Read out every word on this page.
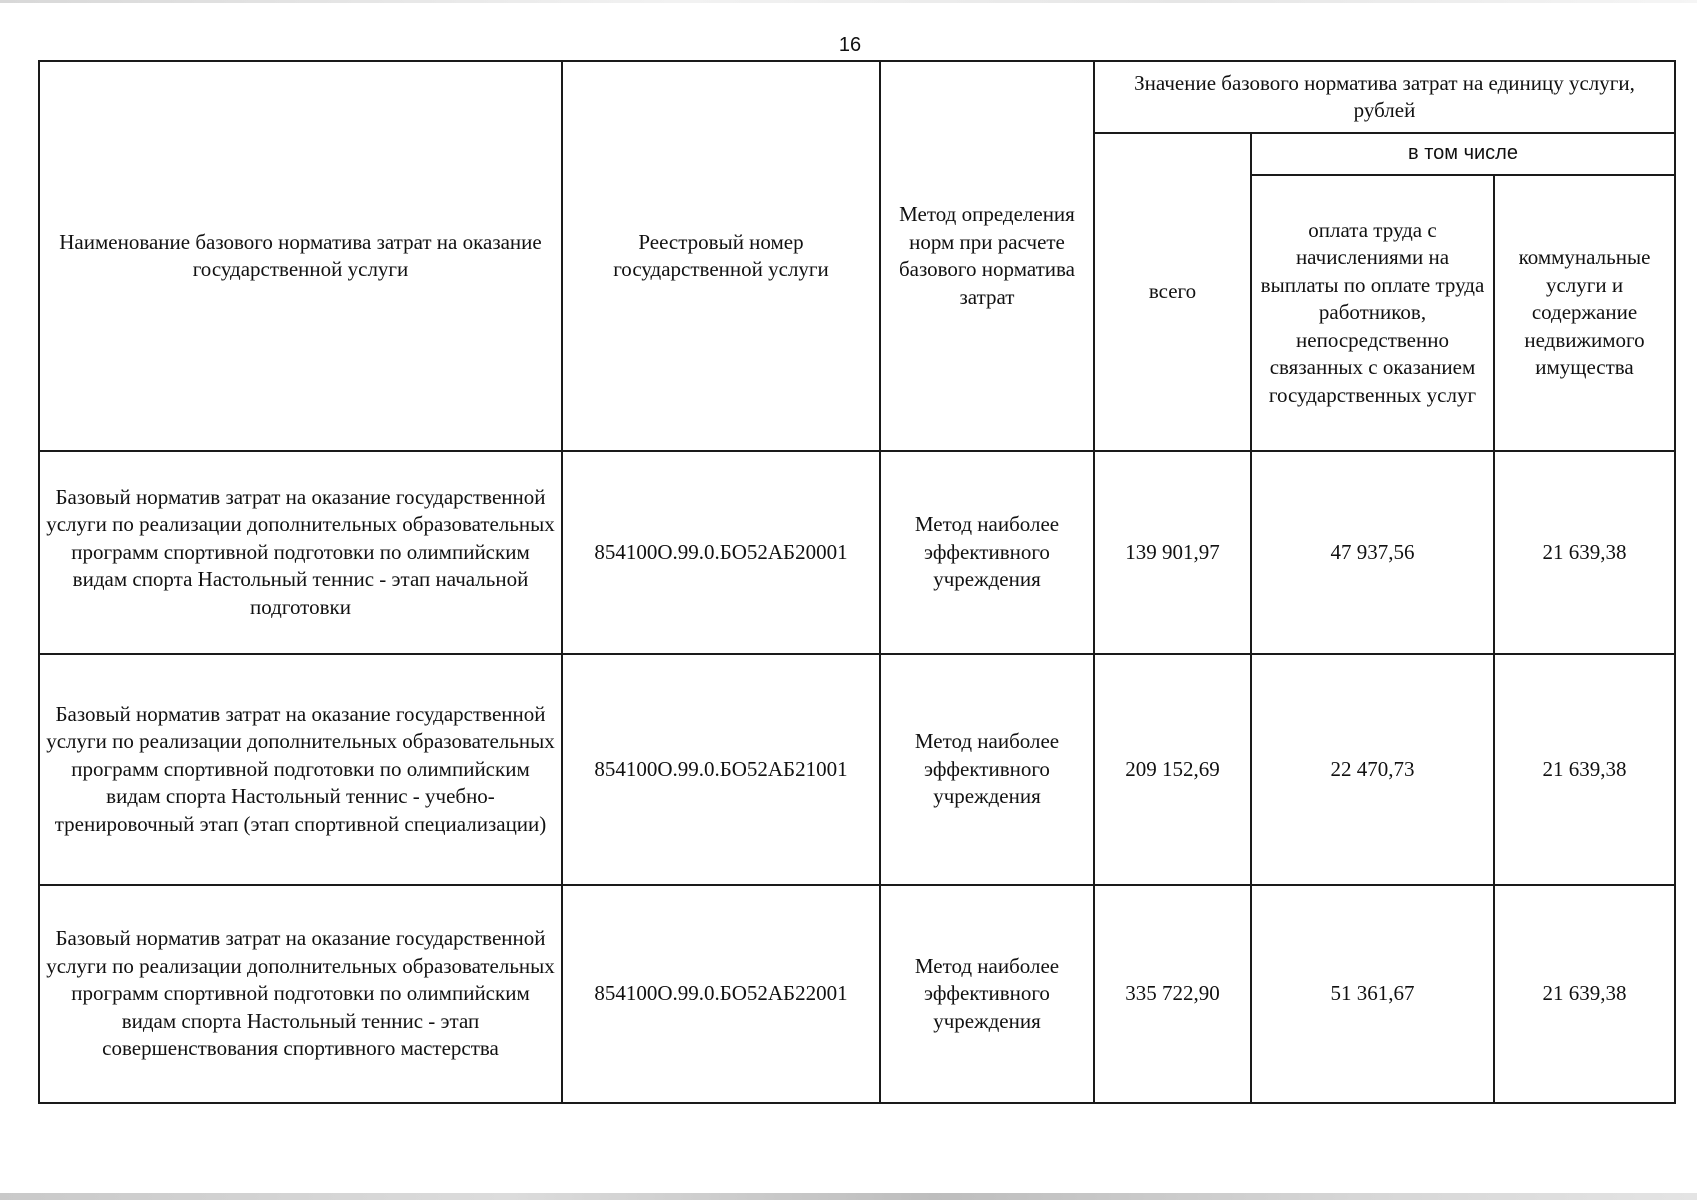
16
Наименование базового норматива затрат на оказание государственной услуги	Реестровый номер государственной услуги	Метод определения норм при расчете базового норматива затрат	Значение базового норматива затрат на единицу услуги, рублей		
			всего	в том числе	
				оплата труда с начислениями на выплаты по оплате труда работников, непосредственно связанных с оказанием государственных услуг	коммунальные услуги и содержание недвижимого имущества
Базовый норматив затрат на оказание государственной услуги по реализации дополнительных образовательных программ спортивной подготовки по олимпийским видам спорта Настольный теннис - этап начальной подготовки	854100О.99.0.БО52АБ20001	Метод наиболее эффективного учреждения	139 901,97	47 937,56	21 639,38
Базовый норматив затрат на оказание государственной услуги по реализации дополнительных образовательных программ спортивной подготовки по олимпийским видам спорта Настольный теннис - учебно-тренировочный этап (этап спортивной специализации)	854100О.99.0.БО52АБ21001	Метод наиболее эффективного учреждения	209 152,69	22 470,73	21 639,38
Базовый норматив затрат на оказание государственной услуги по реализации дополнительных образовательных программ спортивной подготовки по олимпийским видам спорта Настольный теннис - этап совершенствования спортивного мастерства	854100О.99.0.БО52АБ22001	Метод наиболее эффективного учреждения	335 722,90	51 361,67	21 639,38
